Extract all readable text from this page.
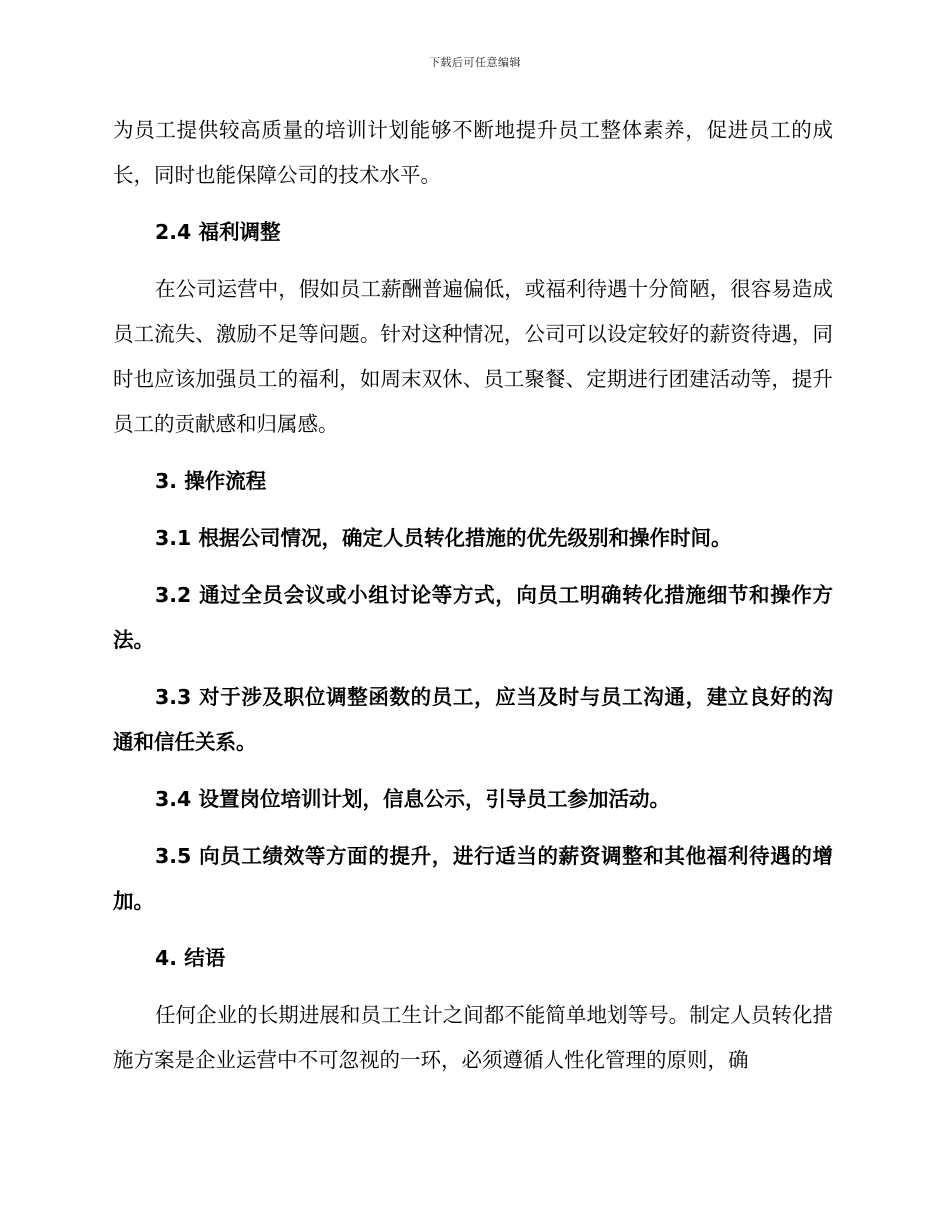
下载后可任意编辑

为员工提供较高质量的培训计划能够不断地提升员工整体素养，促进员工的成长，同时也能保障公司的技术水平。

2.4 福利调整

在公司运营中，假如员工薪酬普遍偏低，或福利待遇十分简陋，很容易造成员工流失、激励不足等问题。针对这种情况，公司可以设定较好的薪资待遇，同时也应该加强员工的福利，如周末双休、员工聚餐、定期进行团建活动等，提升员工的贡献感和归属感。

3. 操作流程

3.1 根据公司情况，确定人员转化措施的优先级别和操作时间。

3.2 通过全员会议或小组讨论等方式，向员工明确转化措施细节和操作方法。

3.3 对于涉及职位调整函数的员工，应当及时与员工沟通，建立良好的沟通和信任关系。

3.4 设置岗位培训计划，信息公示，引导员工参加活动。

3.5 向员工绩效等方面的提升，进行适当的薪资调整和其他福利待遇的增加。

4. 结语

任何企业的长期进展和员工生计之间都不能简单地划等号。制定人员转化措施方案是企业运营中不可忽视的一环，必须遵循人性化管理的原则，确
